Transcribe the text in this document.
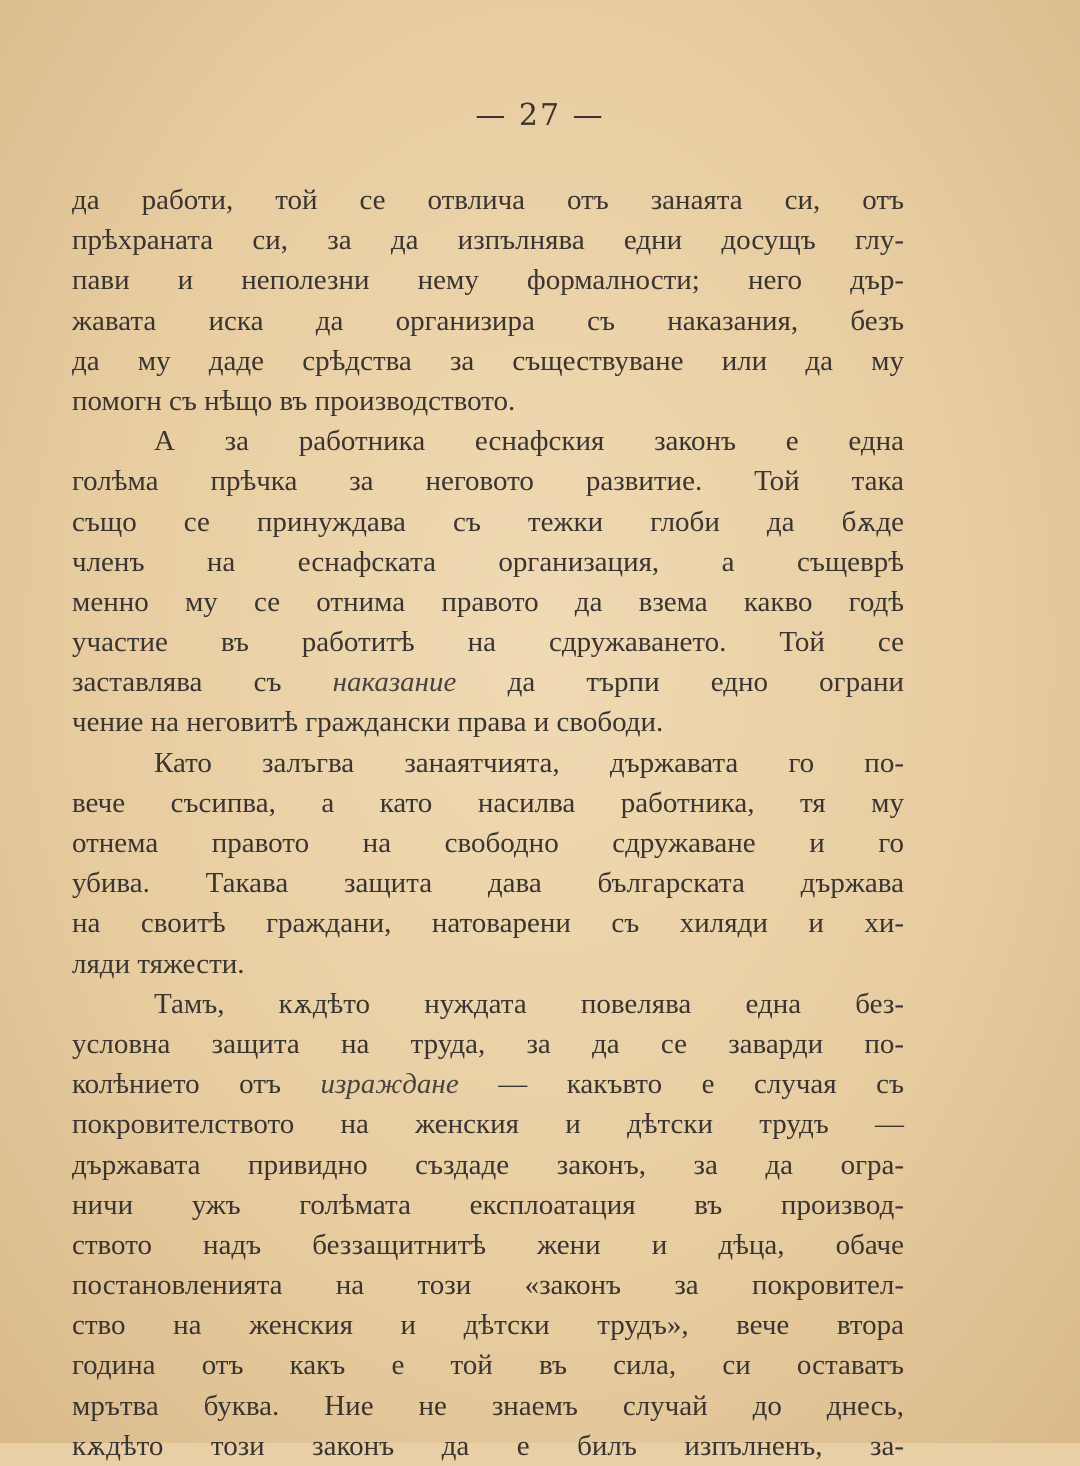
— 27 —
да работи, той се отвлича отъ занаята си, отъ
прѣхраната си, за да изпълнява едни досущъ глу-
пави и неполезни нему формалности; него дър-
жавата иска да организира съ наказания, безъ
да му даде срѣдства за съществуване или да му
помогн съ нѣщо въ производството.
А за работника еснафския законъ е една
голѣма прѣчка за неговото развитие. Той така
също се принуждава съ тежки глоби да бѫде
членъ на еснафската организация, а същеврѣ
менно му се отнима правото да взема какво годѣ
участие въ работитѣ на сдружаването. Той се
заставлява съ наказание да търпи едно ограни
чение на неговитѣ граждански права и свободи.
Като залъгва занаятчията, държавата го по-
вече съсипва, а като насилва работника, тя му
отнема правото на свободно сдружаване и го
убива. Такава защита дава българската държава
на своитѣ граждани, натоварени съ хиляди и хи-
ляди тяжести.
Тамъ, кѫдѣто нуждата повелява една без-
условна защита на труда, за да се заварди по-
колѣнието отъ израждане — какъвто е случая съ
покровителството на женския и дѣтски трудъ —
държавата привидно създаде законъ, за да огра-
ничи ужъ голѣмата експлоатация въ производ-
ството надъ беззащитнитѣ жени и дѣца, обаче
постановленията на този «законъ за покровител-
ство на женския и дѣтски трудъ», вече втора
година отъ какъ е той въ сила, си оставатъ
мрътва буква. Ние не знаемъ случай до днесь,
кѫдѣто този законъ да е билъ изпълненъ, за-
